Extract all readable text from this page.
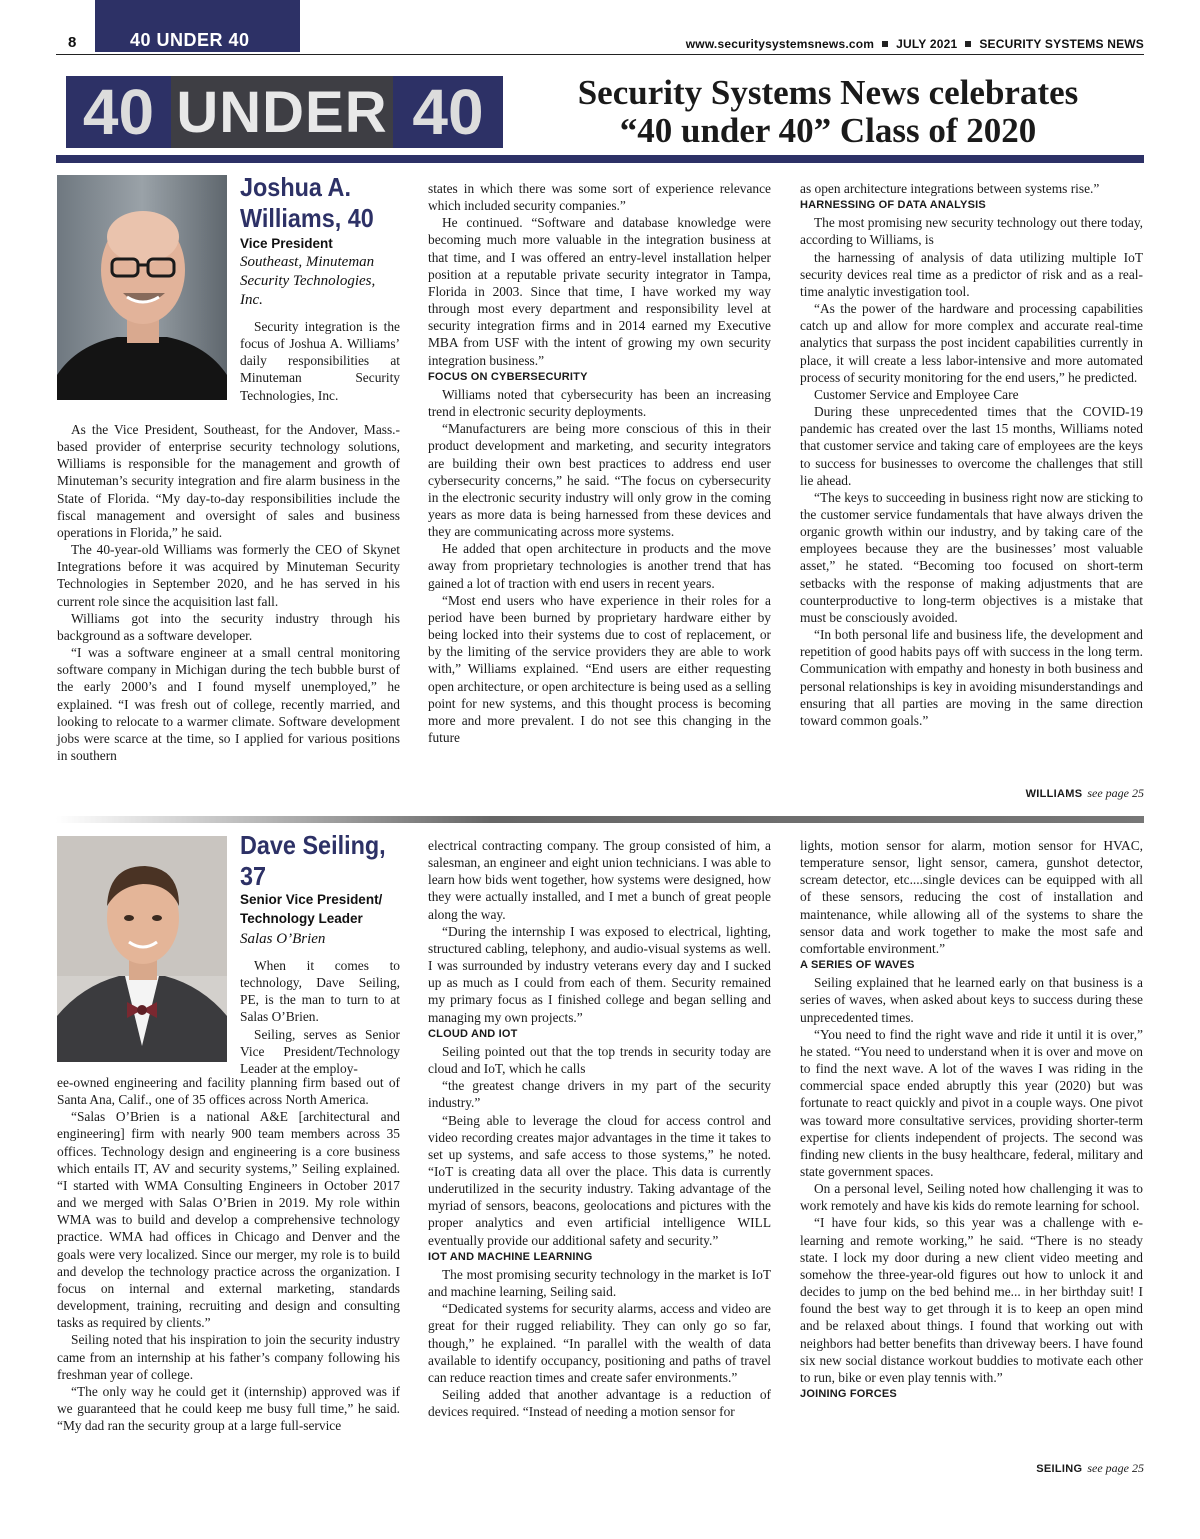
40 UNDER 40
8	www.securitysystemsnews.com JULY 2021 SECURITY SYSTEMS NEWS
40 UNDER 40	Security Systems News celebrates
“40 under 40” Class of 2020
Joshua A.
Williams, 40
Vice President
Southeast, Minuteman Security Technologies, Inc.
Security integration is the focus of Joshua A. Williams’ daily responsibilities at Minuteman Security Technologies, Inc.

As the Vice President, Southeast, for the Andover, Mass.-based provider of enterprise security technology solutions, Williams is responsible for the management and growth of Minuteman’s security integration and fire alarm business in the State of Florida. “My day-to-day responsibilities include the fiscal management and oversight of sales and business operations in Florida,” he said.

The 40-year-old Williams was formerly the CEO of Skynet Integrations before it was acquired by Minuteman Security Technologies in September 2020, and he has served in his current role since the acquisition last fall.

Williams got into the security industry through his background as a software developer.

“I was a software engineer at a small central monitoring software company in Michigan during the tech bubble burst of the early 2000’s and I found myself unemployed,” he explained. “I was fresh out of college, recently married, and looking to relocate to a warmer climate. Software development jobs were scarce at the time, so I applied for various positions in southern

states in which there was some sort of experience relevance which included security companies.”

He continued. “Software and database knowledge were becoming much more valuable in the integration business at that time, and I was offered an entry-level installation helper position at a reputable private security integrator in Tampa, Florida in 2003. Since that time, I have worked my way through most every department and responsibility level at security integration firms and in 2014 earned my Executive MBA from USF with the intent of growing my own security integration business.”

FOCUS ON CYBERSECURITY

Williams noted that cybersecurity has been an increasing trend in electronic security deployments.

“Manufacturers are being more conscious of this in their product development and marketing, and security integrators are building their own best practices to address end user cybersecurity concerns,” he said. “The focus on cybersecurity in the electronic security industry will only grow in the coming years as more data is being harnessed from these devices and they are communicating across more systems.

He added that open architecture in products and the move away from proprietary technologies is another trend that has gained a lot of traction with end users in recent years.

“Most end users who have experience in their roles for a period have been burned by proprietary hardware either by being locked into their systems due to cost of replacement, or by the limiting of the service providers they are able to work with,” Williams explained. “End users are either requesting open architecture, or open architecture is being used as a selling point for new systems, and this thought process is becoming more and more prevalent. I do not see this changing in the future

as open architecture integrations between systems rise.”

HARNESSING OF DATA ANALYSIS

The most promising new security technology out there today, according to Williams, is

the harnessing of analysis of data utilizing multiple IoT security devices real time as a predictor of risk and as a real-time analytic investigation tool.

“As the power of the hardware and processing capabilities catch up and allow for more complex and accurate real-time analytics that surpass the post incident capabilities currently in place, it will create a less labor-intensive and more automated process of security monitoring for the end users,” he predicted.

Customer Service and Employee Care

During these unprecedented times that the COVID-19 pandemic has created over the last 15 months, Williams noted that customer service and taking care of employees are the keys to success for businesses to overcome the challenges that still lie ahead.

“The keys to succeeding in business right now are sticking to the customer service fundamentals that have always driven the organic growth within our industry, and by taking care of the employees because they are the businesses’ most valuable asset,” he stated. “Becoming too focused on short-term setbacks with the response of making adjustments that are counterproductive to long-term objectives is a mistake that must be consciously avoided.

“In both personal life and business life, the development and repetition of good habits pays off with success in the long term. Communication with empathy and honesty in both business and personal relationships is key in avoiding misunderstandings and ensuring that all parties are moving in the same direction toward common goals.”

WILLIAMS see page 25
Dave Seiling,
37
Senior Vice President/
Technology Leader
Salas O’Brien

When it comes to technology, Dave Seiling, PE, is the man to turn to at Salas O’Brien.

Seiling, serves as Senior Vice President/Technology Leader at the employ-

ee-owned engineering and facility planning firm based out of Santa Ana, Calif., one of 35 offices across North America.

“Salas O’Brien is a national A&E [architectural and engineering] firm with nearly 900 team members across 35 offices. Technology design and engineering is a core business which entails IT, AV and security systems,” Seiling explained. “I started with WMA Consulting Engineers in October 2017 and we merged with Salas O’Brien in 2019. My role within WMA was to build and develop a comprehensive technology practice. WMA had offices in Chicago and Denver and the goals were very localized. Since our merger, my role is to build and develop the technology practice across the organization. I focus on internal and external marketing, standards development, training, recruiting and design and consulting tasks as required by clients.”

Seiling noted that his inspiration to join the security industry came from an internship at his father’s company following his freshman year of college.

“The only way he could get it (internship) approved was if we guaranteed that he could keep me busy full time,” he said. “My dad ran the security group at a large full-service

electrical contracting company. The group consisted of him, a salesman, an engineer and eight union technicians. I was able to learn how bids went together, how systems were designed, how they were actually installed, and I met a bunch of great people along the way.

“During the internship I was exposed to electrical, lighting, structured cabling, telephony, and audio-visual systems as well. I was surrounded by industry veterans every day and I sucked up as much as I could from each of them. Security remained my primary focus as I finished college and began selling and managing my own projects.”

CLOUD AND IOT

Seiling pointed out that the top trends in security today are cloud and IoT, which he calls

“the greatest change drivers in my part of the security industry.”

“Being able to leverage the cloud for access control and video recording creates major advantages in the time it takes to set up systems, and safe access to those systems,” he noted. “IoT is creating data all over the place. This data is currently underutilized in the security industry. Taking advantage of the myriad of sensors, beacons, geolocations and pictures with the proper analytics and even artificial intelligence WILL eventually provide our additional safety and security.”

IOT AND MACHINE LEARNING

The most promising security technology in the market is IoT and machine learning, Seiling said.

“Dedicated systems for security alarms, access and video are great for their rugged reliability. They can only go so far, though,” he explained. “In parallel with the wealth of data available to identify occupancy, positioning and paths of travel can reduce reaction times and create safer environments.”

Seiling added that another advantage is a reduction of devices required. “Instead of needing a motion sensor for

lights, motion sensor for alarm, motion sensor for HVAC, temperature sensor, light sensor, camera, gunshot detector, scream detector, etc....single devices can be equipped with all of these sensors, reducing the cost of installation and maintenance, while allowing all of the systems to share the sensor data and work together to make the most safe and comfortable environment.”

A SERIES OF WAVES

Seiling explained that he learned early on that business is a series of waves, when asked about keys to success during these unprecedented times.

“You need to find the right wave and ride it until it is over,” he stated. “You need to understand when it is over and move on to find the next wave. A lot of the waves I was riding in the commercial space ended abruptly this year (2020) but was fortunate to react quickly and pivot in a couple ways. One pivot was toward more consultative services, providing shorter-term expertise for clients independent of projects. The second was finding new clients in the busy healthcare, federal, military and state government spaces.

On a personal level, Seiling noted how challenging it was to work remotely and have kis kids do remote learning for school.

“I have four kids, so this year was a challenge with e-learning and remote working,” he said. “There is no steady state. I lock my door during a new client video meeting and somehow the three-year-old figures out how to unlock it and decides to jump on the bed behind me... in her birthday suit! I found the best way to get through it is to keep an open mind and be relaxed about things. I found that working out with neighbors had better benefits than driveway beers. I have found six new social distance workout buddies to motivate each other to run, bike or even play tennis with.”

JOINING FORCES
SEILING see page 25
